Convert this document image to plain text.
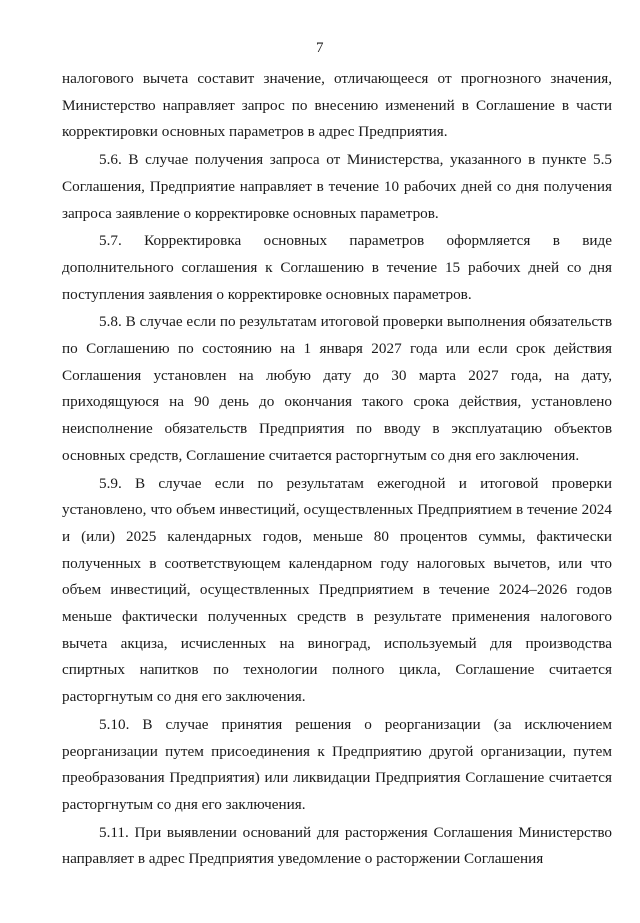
7

налогового вычета составит значение, отличающееся от прогнозного значения, Министерство направляет запрос по внесению изменений в Соглашение в части корректировки основных параметров в адрес Предприятия.

5.6. В случае получения запроса от Министерства, указанного в пункте 5.5 Соглашения, Предприятие направляет в течение 10 рабочих дней со дня получения запроса заявление о корректировке основных параметров.

5.7. Корректировка основных параметров оформляется в виде дополнительного соглашения к Соглашению в течение 15 рабочих дней со дня поступления заявления о корректировке основных параметров.

5.8. В случае если по результатам итоговой проверки выполнения обязательств по Соглашению по состоянию на 1 января 2027 года или если срок действия Соглашения установлен на любую дату до 30 марта 2027 года, на дату, приходящуюся на 90 день до окончания такого срока действия, установлено неисполнение обязательств Предприятия по вводу в эксплуатацию объектов основных средств, Соглашение считается расторгнутым со дня его заключения.

5.9. В случае если по результатам ежегодной и итоговой проверки установлено, что объем инвестиций, осуществленных Предприятием в течение 2024 и (или) 2025 календарных годов, меньше 80 процентов суммы, фактически полученных в соответствующем календарном году налоговых вычетов, или что объем инвестиций, осуществленных Предприятием в течение 2024–2026 годов меньше фактически полученных средств в результате применения налогового вычета акциза, исчисленных на виноград, используемый для производства спиртных напитков по технологии полного цикла, Соглашение считается расторгнутым со дня его заключения.

5.10. В случае принятия решения о реорганизации (за исключением реорганизации путем присоединения к Предприятию другой организации, путем преобразования Предприятия) или ликвидации Предприятия Соглашение считается расторгнутым со дня его заключения.

5.11. При выявлении оснований для расторжения Соглашения Министерство направляет в адрес Предприятия уведомление о расторжении Соглашения
